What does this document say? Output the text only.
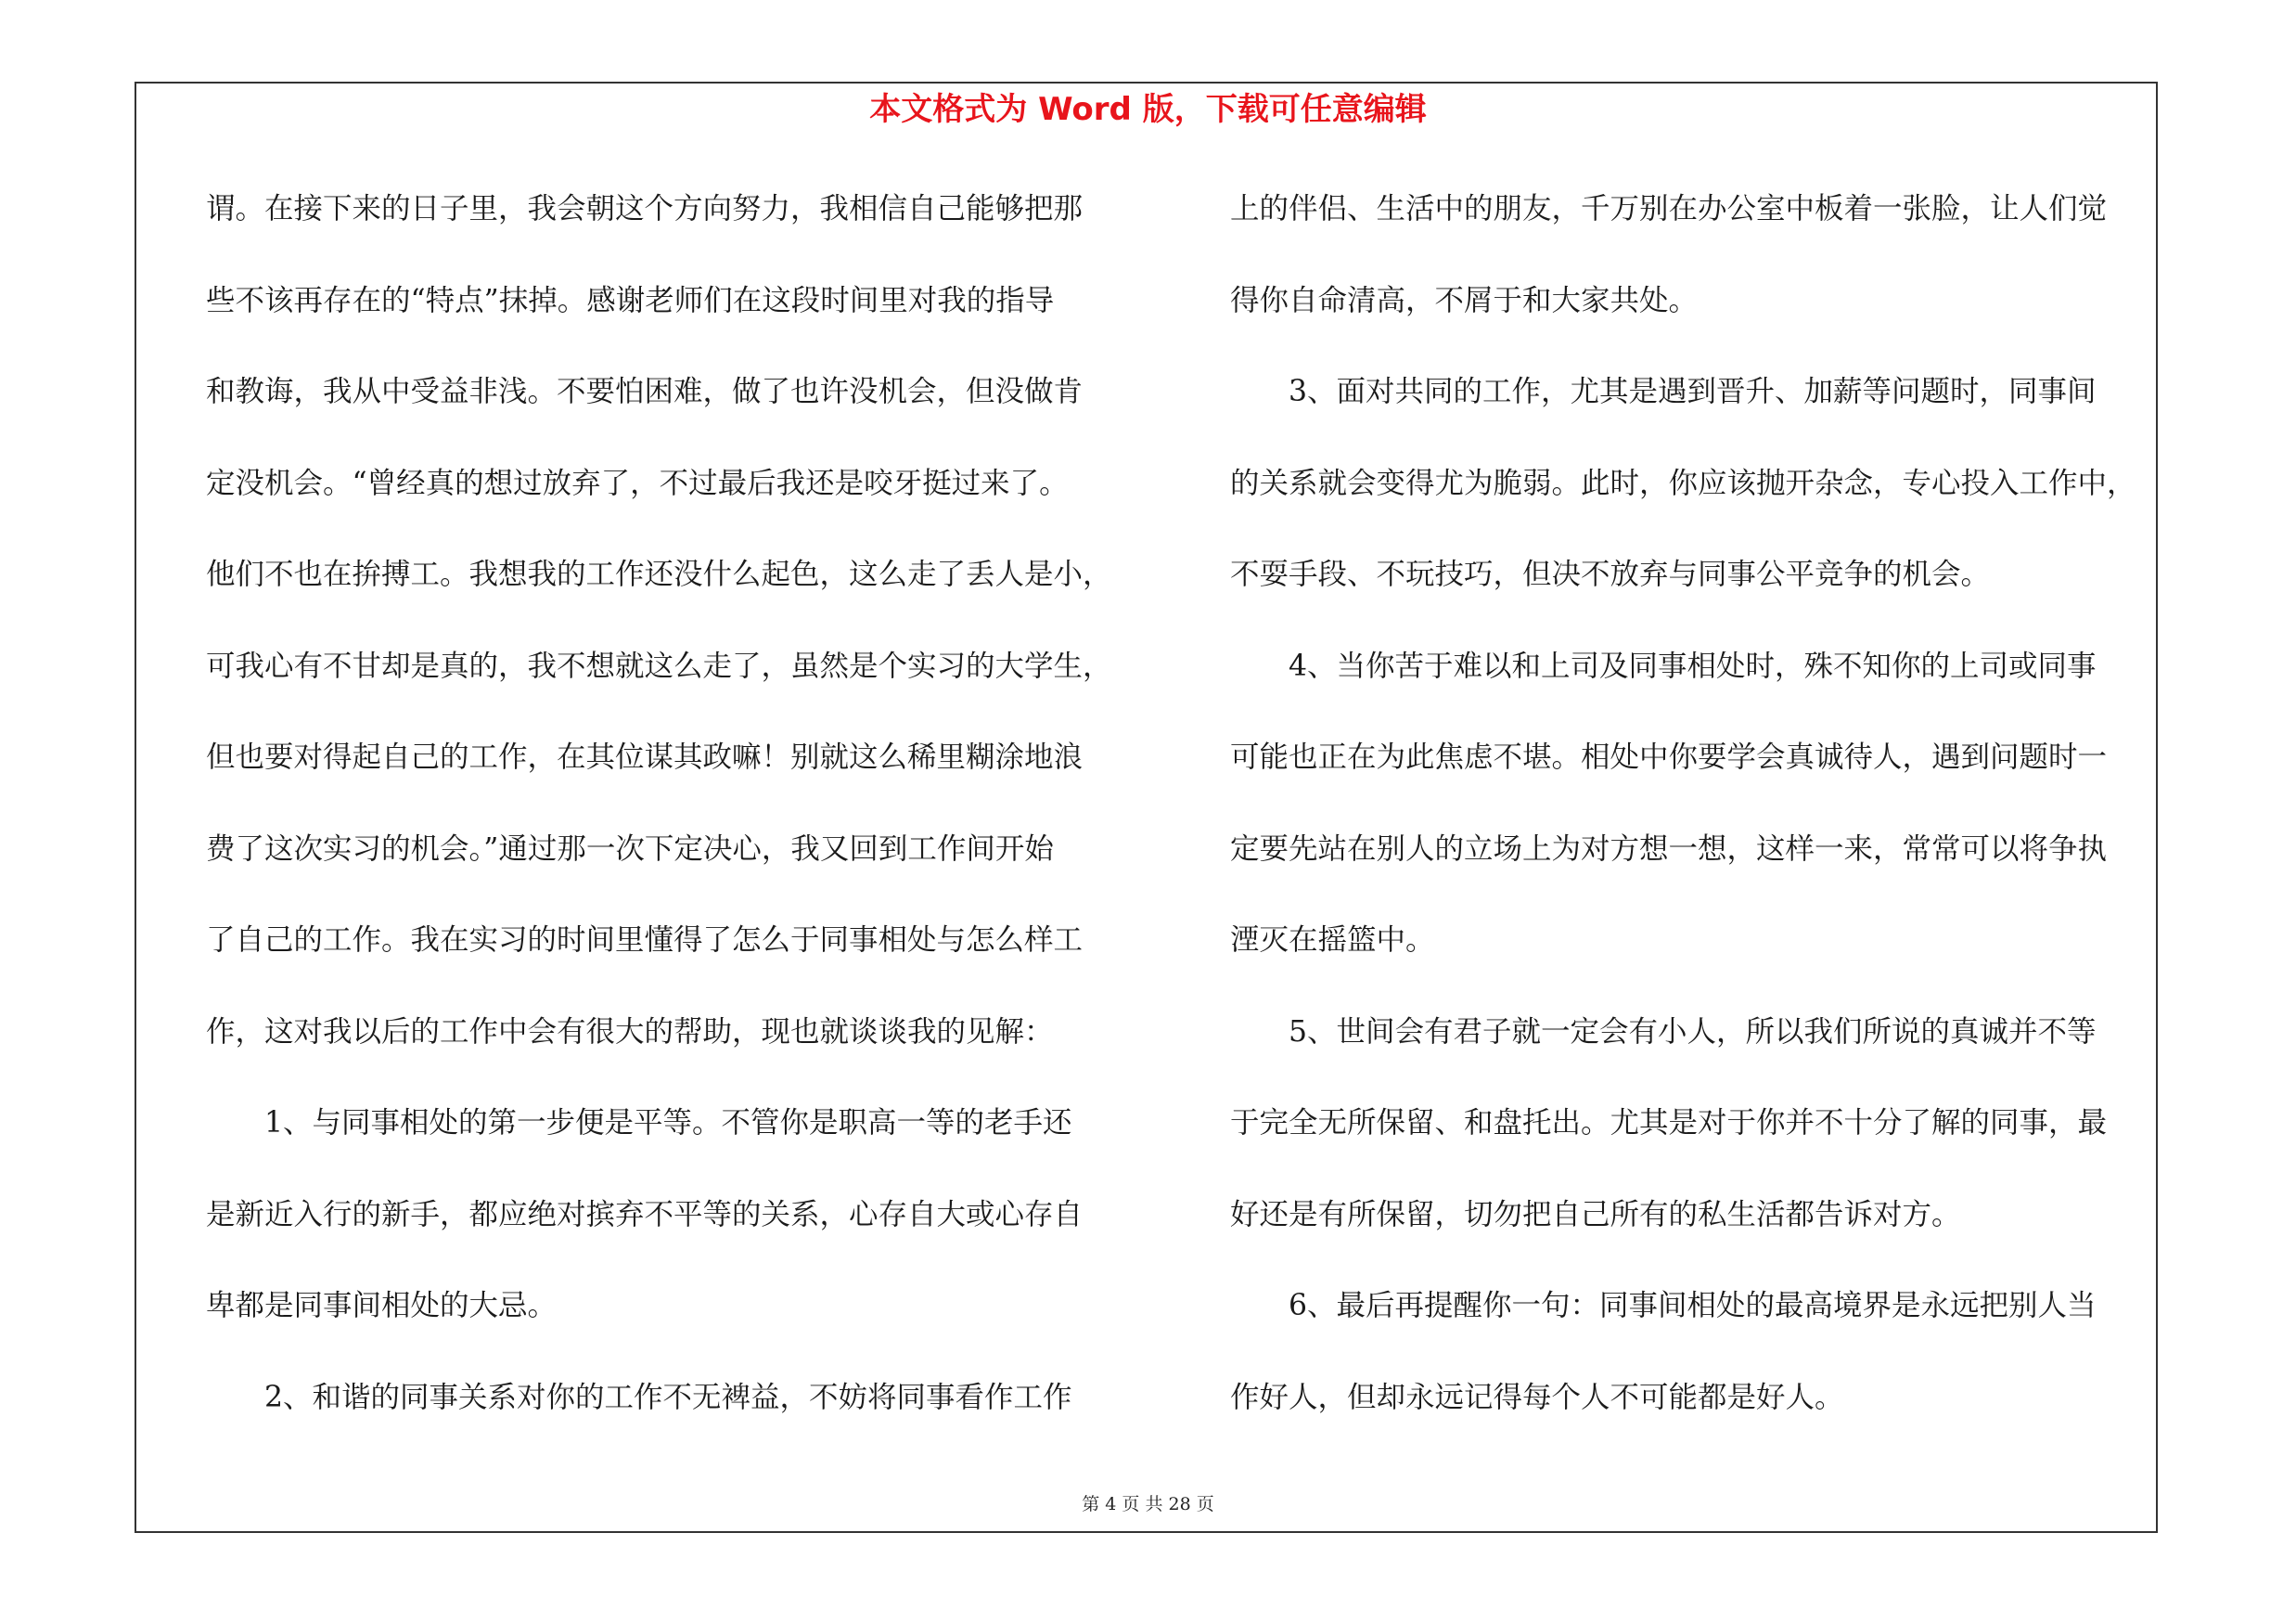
本文格式为 Word 版，下载可任意编辑
谓。在接下来的日子里，我会朝这个方向努力，我相信自己能够把那
些不该再存在的“特点”抹掉。感谢老师们在这段时间里对我的指导
和教诲，我从中受益非浅。不要怕困难，做了也许没机会，但没做肯
定没机会。“曾经真的想过放弃了，不过最后我还是咬牙挺过来了。
他们不也在拚搏工。我想我的工作还没什么起色，这么走了丢人是小，
可我心有不甘却是真的，我不想就这么走了，虽然是个实习的大学生，
但也要对得起自己的工作，在其位谋其政嘛！别就这么稀里糊涂地浪
费了这次实习的机会。”通过那一次下定决心，我又回到工作间开始
了自己的工作。我在实习的时间里懂得了怎么于同事相处与怎么样工
作，这对我以后的工作中会有很大的帮助，现也就谈谈我的见解：
1、与同事相处的第一步便是平等。不管你是职高一等的老手还
是新近入行的新手，都应绝对摈弃不平等的关系，心存自大或心存自
卑都是同事间相处的大忌。
2、和谐的同事关系对你的工作不无裨益，不妨将同事看作工作
上的伴侣、生活中的朋友，千万别在办公室中板着一张脸，让人们觉
得你自命清高，不屑于和大家共处。
3、面对共同的工作，尤其是遇到晋升、加薪等问题时，同事间
的关系就会变得尤为脆弱。此时，你应该抛开杂念，专心投入工作中，
不耍手段、不玩技巧，但决不放弃与同事公平竞争的机会。
4、当你苦于难以和上司及同事相处时，殊不知你的上司或同事
可能也正在为此焦虑不堪。相处中你要学会真诚待人，遇到问题时一
定要先站在别人的立场上为对方想一想，这样一来，常常可以将争执
湮灭在摇篮中。
5、世间会有君子就一定会有小人，所以我们所说的真诚并不等
于完全无所保留、和盘托出。尤其是对于你并不十分了解的同事，最
好还是有所保留，切勿把自己所有的私生活都告诉对方。
6、最后再提醒你一句：同事间相处的最高境界是永远把别人当
作好人，但却永远记得每个人不可能都是好人。
第 4 页 共 28 页
